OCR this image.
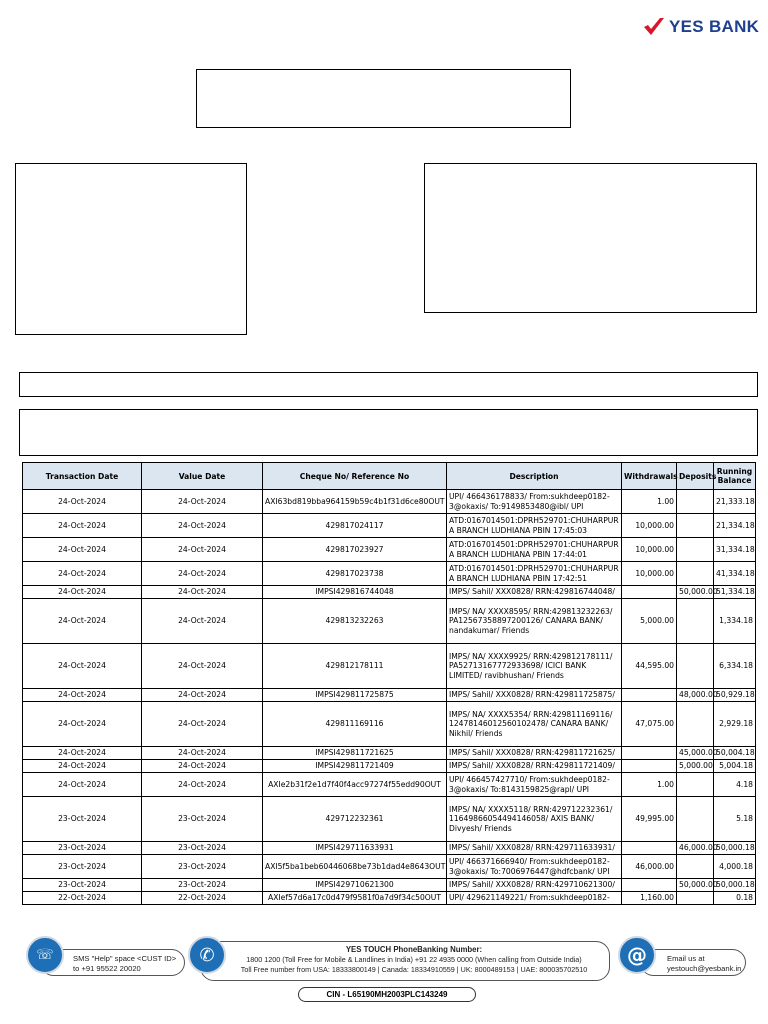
YES BANK
Transaction Date	Value Date	Cheque No/ Reference No	Description	Withdrawals	Deposits	Running Balance
24-Oct-2024	24-Oct-2024	AXI63bd819bba964159b59c4b1f31d6ce80OUT	UPI/ 466436178833/ From:sukhdeep0182-3@okaxis/ To:9149853480@ibl/ UPI	1.00		21,333.18
24-Oct-2024	24-Oct-2024	429817024117	ATD:0167014501:DPRH529701:CHUHARPURA BRANCH LUDHIANA PBIN 17:45:03	10,000.00		21,334.18
24-Oct-2024	24-Oct-2024	429817023927	ATD:0167014501:DPRH529701:CHUHARPURA BRANCH LUDHIANA PBIN 17:44:01	10,000.00		31,334.18
24-Oct-2024	24-Oct-2024	429817023738	ATD:0167014501:DPRH529701:CHUHARPURA BRANCH LUDHIANA PBIN 17:42:51	10,000.00		41,334.18
24-Oct-2024	24-Oct-2024	IMPSI429816744048	IMPS/ Sahil/ XXX0828/ RRN:429816744048/		50,000.00	51,334.18
24-Oct-2024	24-Oct-2024	429813232263	IMPS/ NA/ XXXX8595/ RRN:429813232263/ PA12567358897200126/ CANARA BANK/ nandakumar/ Friends	5,000.00		1,334.18
24-Oct-2024	24-Oct-2024	429812178111	IMPS/ NA/ XXXX9925/ RRN:429812178111/ PA52713167772933698/ ICICI BANK LIMITED/ ravibhushan/ Friends	44,595.00		6,334.18
24-Oct-2024	24-Oct-2024	IMPSI429811725875	IMPS/ Sahil/ XXX0828/ RRN:429811725875/		48,000.00	50,929.18
24-Oct-2024	24-Oct-2024	429811169116	IMPS/ NA/ XXXX5354/ RRN:429811169116/ 12478146012560102478/ CANARA BANK/ Nikhil/ Friends	47,075.00		2,929.18
24-Oct-2024	24-Oct-2024	IMPSI429811721625	IMPS/ Sahil/ XXX0828/ RRN:429811721625/		45,000.00	50,004.18
24-Oct-2024	24-Oct-2024	IMPSI429811721409	IMPS/ Sahil/ XXX0828/ RRN:429811721409/		5,000.00	5,004.18
24-Oct-2024	24-Oct-2024	AXIe2b31f2e1d7f40f4acc97274f55edd90OUT	UPI/ 466457427710/ From:sukhdeep0182-3@okaxis/ To:8143159825@rapl/ UPI	1.00		4.18
23-Oct-2024	23-Oct-2024	429712232361	IMPS/ NA/ XXXX5118/ RRN:429712232361/ 11649866054494146058/ AXIS BANK/ Divyesh/ Friends	49,995.00		5.18
23-Oct-2024	23-Oct-2024	IMPSI429711633931	IMPS/ Sahil/ XXX0828/ RRN:429711633931/		46,000.00	50,000.18
23-Oct-2024	23-Oct-2024	AXI5f5ba1beb60446068be73b1dad4e8643OUT	UPI/ 466371666940/ From:sukhdeep0182-3@okaxis/ To:7006976447@hdfcbank/ UPI	46,000.00		4,000.18
23-Oct-2024	23-Oct-2024	IMPSI429710621300	IMPS/ Sahil/ XXX0828/ RRN:429710621300/		50,000.00	50,000.18
22-Oct-2024	22-Oct-2024	AXIef57d6a17c0d479f9581f0a7d9f34c50OUT	UPI/ 429621149221/ From:sukhdeep0182-	1,160.00		0.18
SMS "Help" space <CUST ID>
to +91 95522 20020
☏	YES TOUCH PhoneBanking Number:
1800 1200 (Toll Free for Mobile & Landlines in India) +91 22 4935 0000 (When calling from Outside India)
Toll Free number from USA: 18333800149 | Canada: 18334910559 | UK: 8000489153 | UAE: 800035702510
✆	Email us at
yestouch@yesbank.in
@
CIN - L65190MH2003PLC143249
